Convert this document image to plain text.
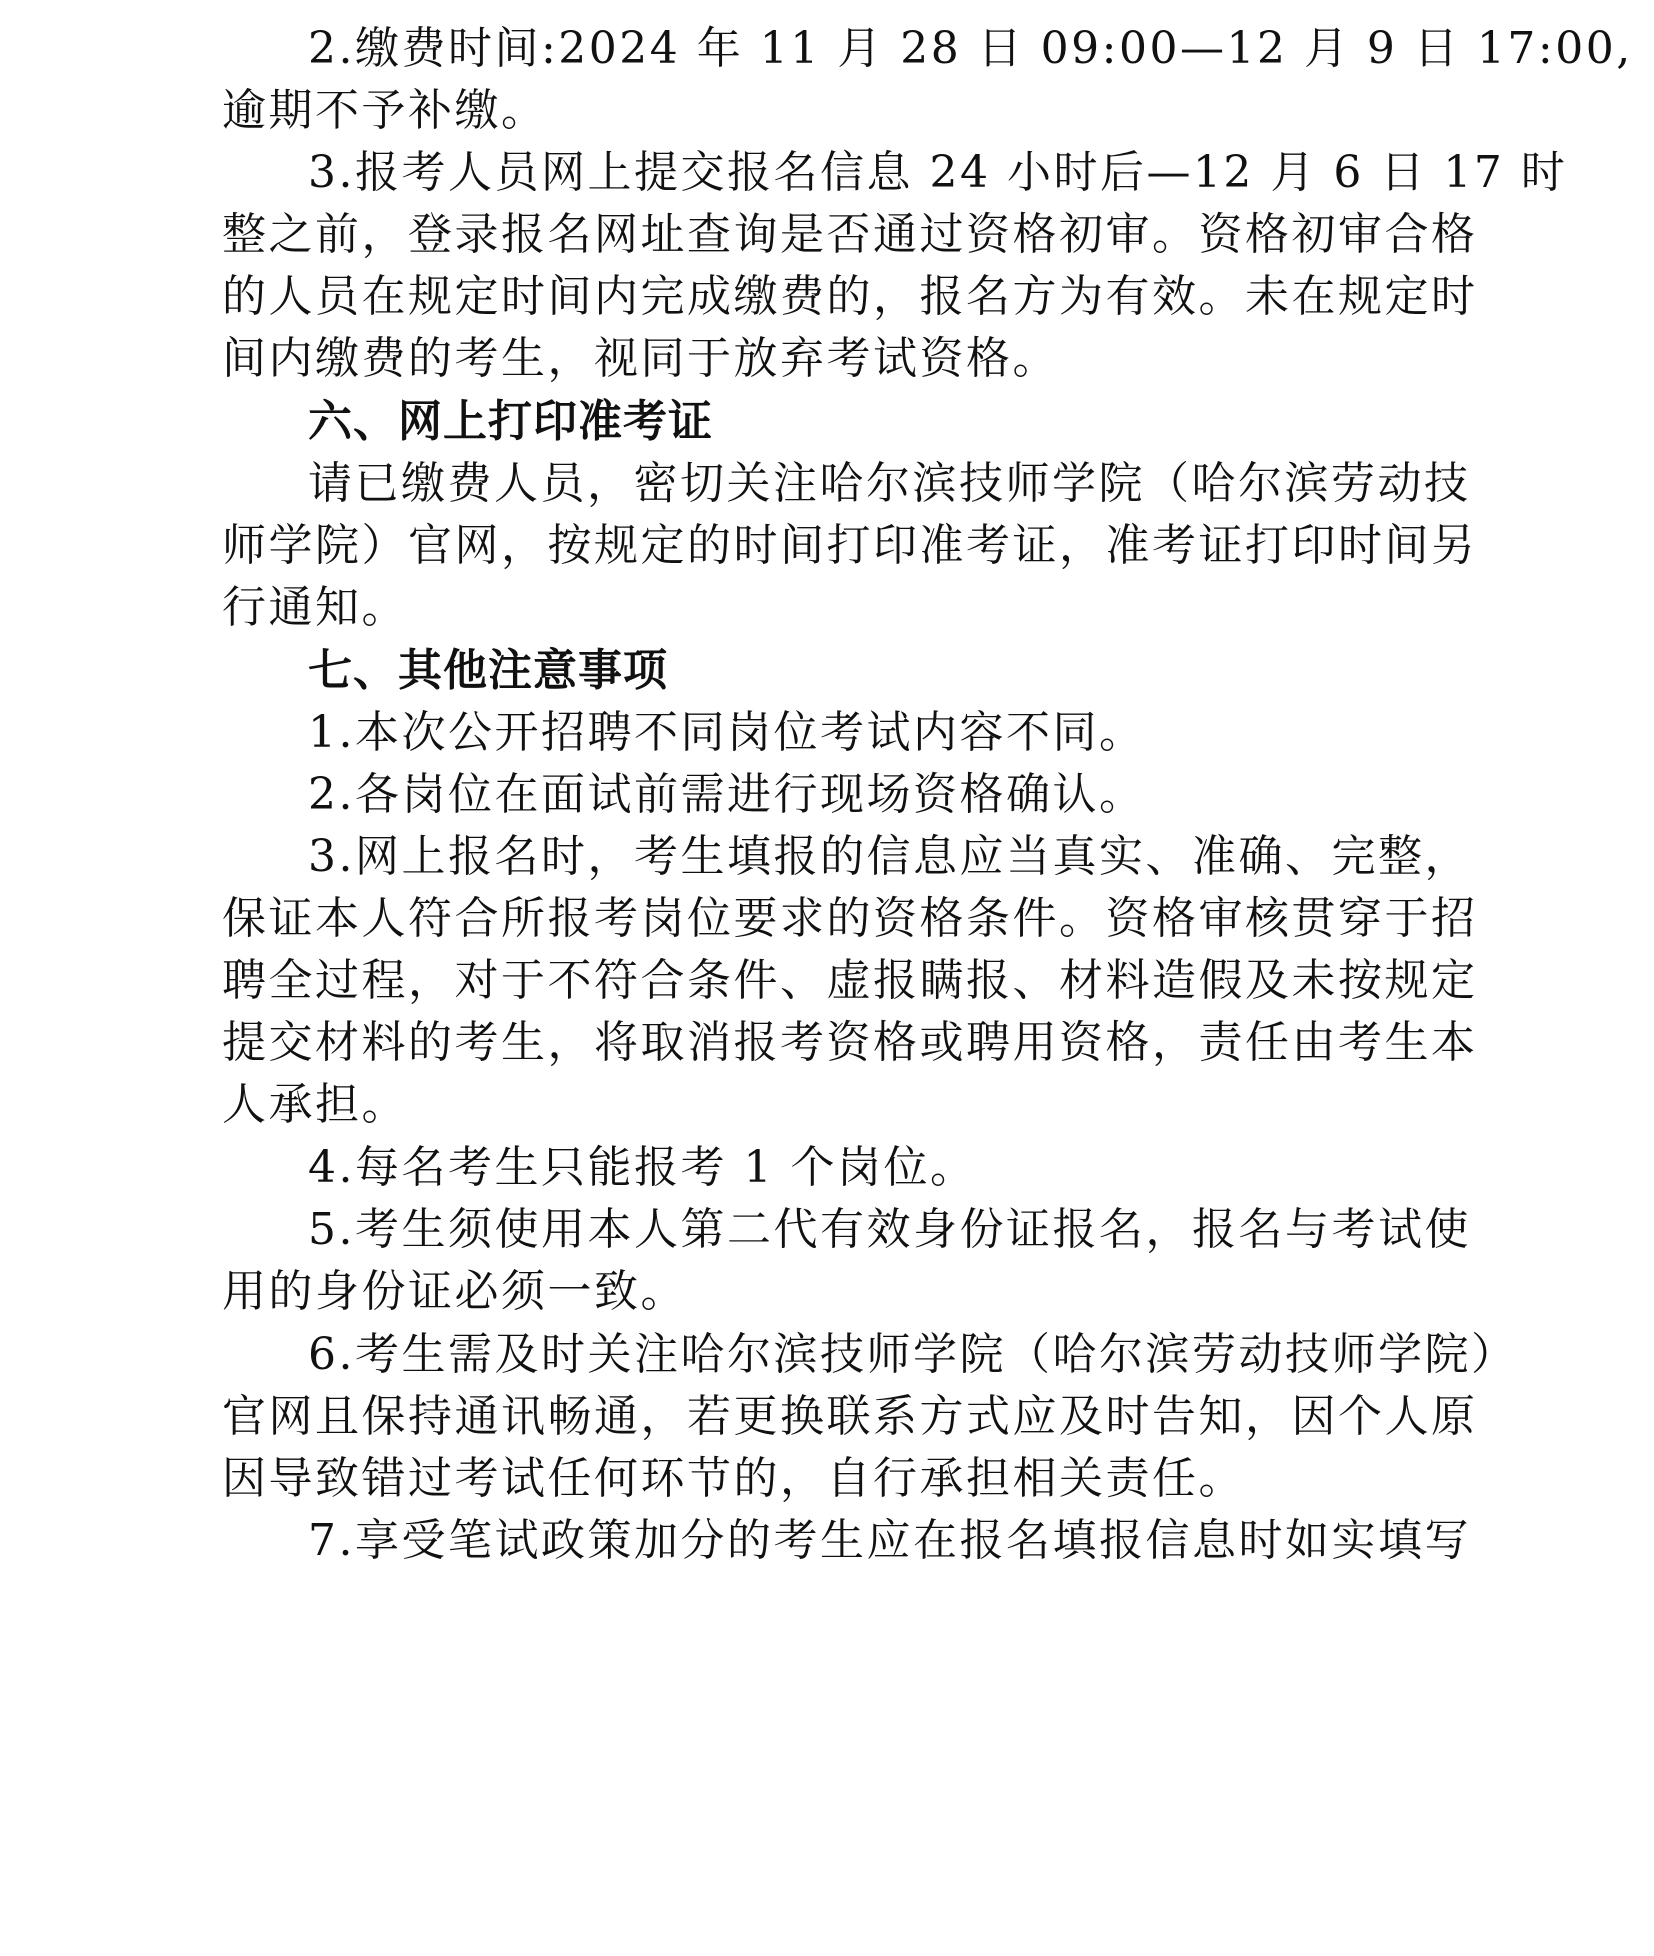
2.缴费时间:2024 年 11 月 28 日 09:00—12 月 9 日 17:00,
逾期不予补缴。
3.报考人员网上提交报名信息 24 小时后—12 月 6 日 17 时
整之前，登录报名网址查询是否通过资格初审。资格初审合格
的人员在规定时间内完成缴费的，报名方为有效。未在规定时
间内缴费的考生，视同于放弃考试资格。
六、网上打印准考证
请已缴费人员，密切关注哈尔滨技师学院（哈尔滨劳动技
师学院）官网，按规定的时间打印准考证，准考证打印时间另
行通知。
七、其他注意事项
1.本次公开招聘不同岗位考试内容不同。
2.各岗位在面试前需进行现场资格确认。
3.网上报名时，考生填报的信息应当真实、准确、完整，
保证本人符合所报考岗位要求的资格条件。资格审核贯穿于招
聘全过程，对于不符合条件、虚报瞒报、材料造假及未按规定
提交材料的考生，将取消报考资格或聘用资格，责任由考生本
人承担。
4.每名考生只能报考 1 个岗位。
5.考生须使用本人第二代有效身份证报名，报名与考试使
用的身份证必须一致。
6.考生需及时关注哈尔滨技师学院（哈尔滨劳动技师学院）
官网且保持通讯畅通，若更换联系方式应及时告知，因个人原
因导致错过考试任何环节的，自行承担相关责任。
7.享受笔试政策加分的考生应在报名填报信息时如实填写
